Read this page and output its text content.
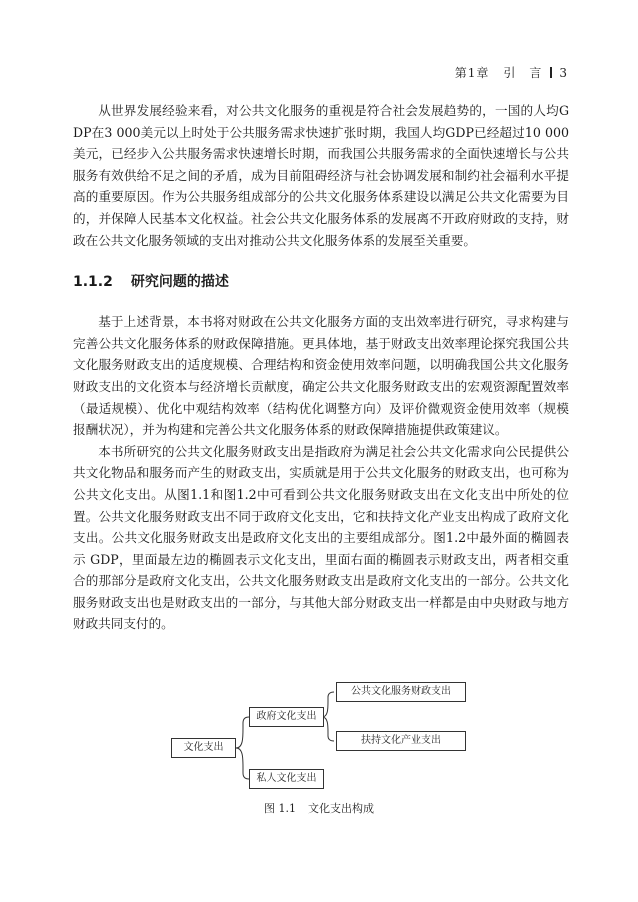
第1章 引　言 3

从世界发展经验来看，对公共文化服务的重视是符合社会发展趋势的，一国的人均GDP在3 000美元以上时处于公共服务需求快速扩张时期，我国人均GDP已经超过10 000美元，已经步入公共服务需求快速增长时期，而我国公共服务需求的全面快速增长与公共服务有效供给不足之间的矛盾，成为目前阻碍经济与社会协调发展和制约社会福利水平提高的重要原因。作为公共服务组成部分的公共文化服务体系建设以满足公共文化需要为目的，并保障人民基本文化权益。社会公共文化服务体系的发展离不开政府财政的支持，财政在公共文化服务领域的支出对推动公共文化服务体系的发展至关重要。

1.1.2 研究问题的描述

基于上述背景，本书将对财政在公共文化服务方面的支出效率进行研究，寻求构建与完善公共文化服务体系的财政保障措施。更具体地，基于财政支出效率理论探究我国公共文化服务财政支出的适度规模、合理结构和资金使用效率问题，以明确我国公共文化服务财政支出的文化资本与经济增长贡献度，确定公共文化服务财政支出的宏观资源配置效率（最适规模）、优化中观结构效率（结构优化调整方向）及评价微观资金使用效率（规模报酬状况），并为构建和完善公共文化服务体系的财政保障措施提供政策建议。

本书所研究的公共文化服务财政支出是指政府为满足社会公共文化需求向公民提供公共文化物品和服务而产生的财政支出，实质就是用于公共文化服务的财政支出，也可称为公共文化支出。从图1.1和图1.2中可看到公共文化服务财政支出在文化支出中所处的位置。公共文化服务财政支出不同于政府文化支出，它和扶持文化产业支出构成了政府文化支出。公共文化服务财政支出是政府文化支出的主要组成部分。图1.2中最外面的椭圆表示 GDP，里面最左边的椭圆表示文化支出，里面右面的椭圆表示财政支出，两者相交重合的那部分是政府文化支出，公共文化服务财政支出是政府文化支出的一部分。公共文化服务财政支出也是财政支出的一部分，与其他大部分财政支出一样都是由中央财政与地方财政共同支付的。

文化支出
政府文化支出
私人文化支出
公共文化服务财政支出
扶持文化产业支出
图 1.1 文化支出构成
